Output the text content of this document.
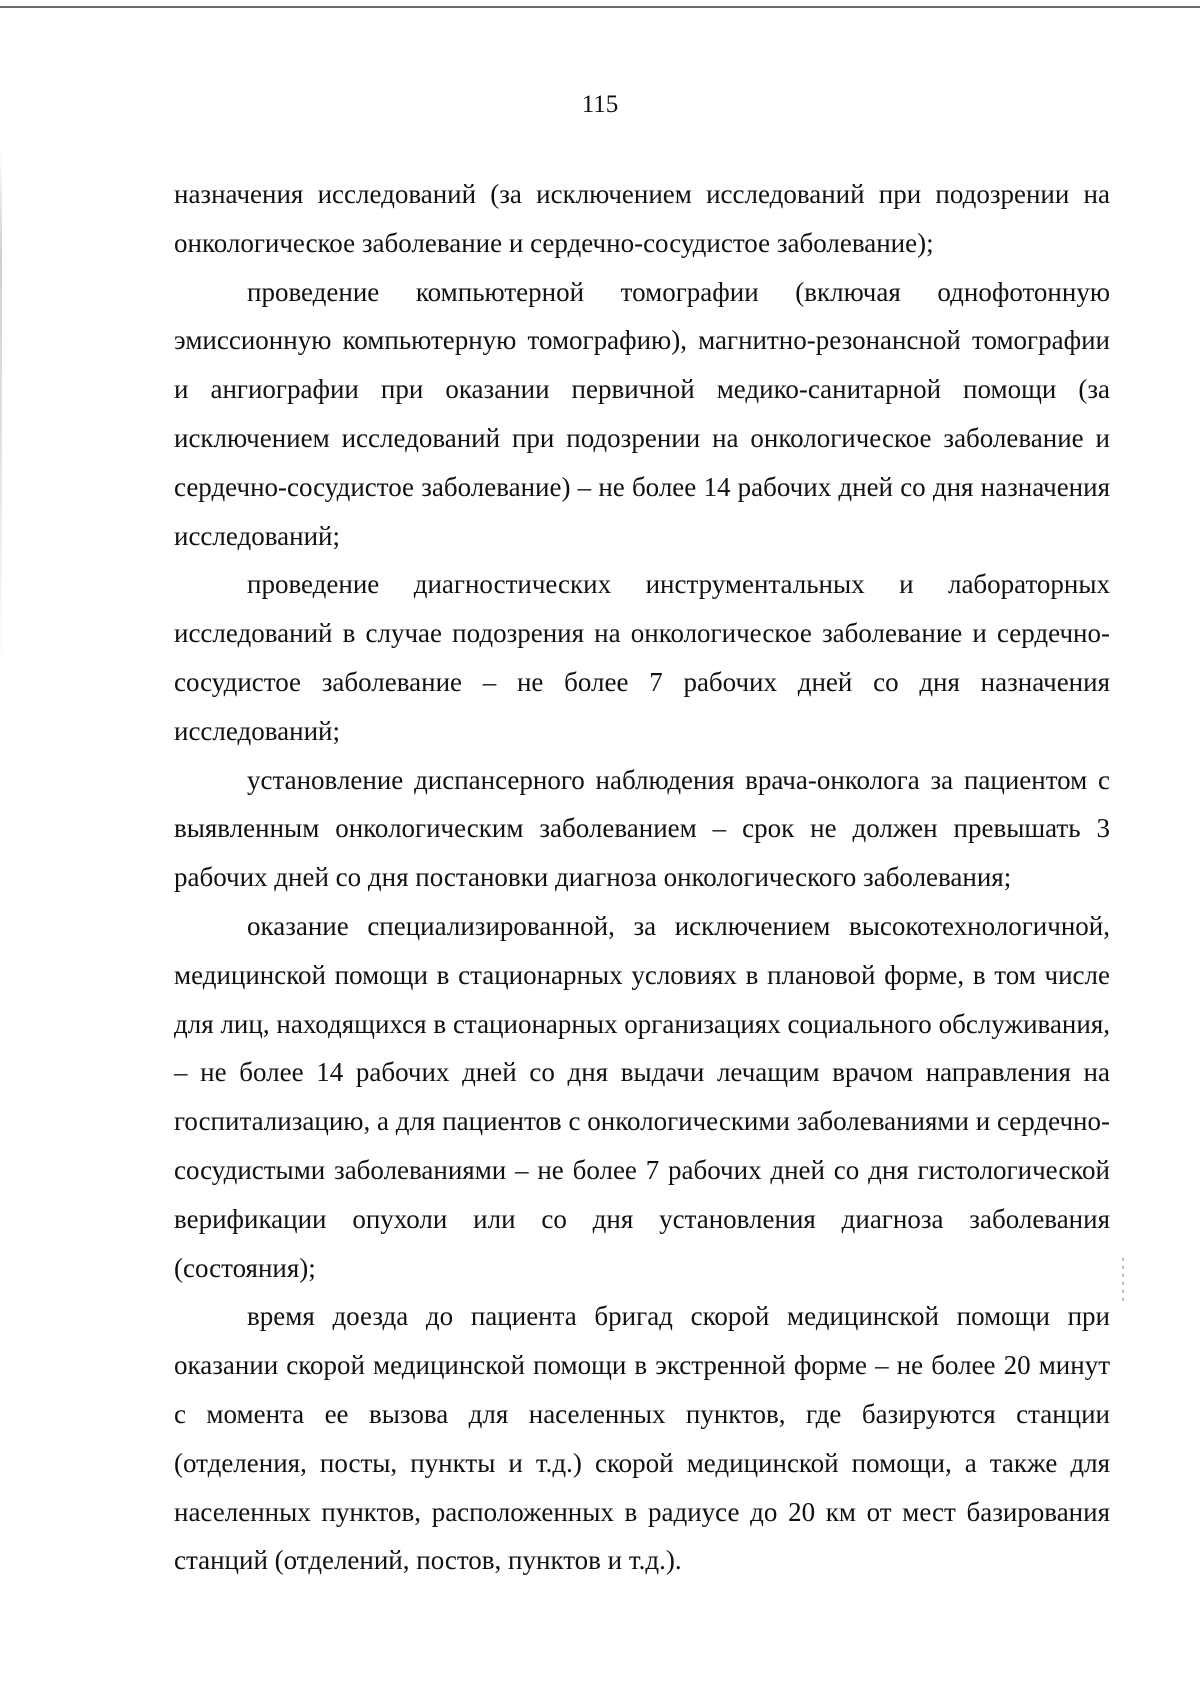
115

назначения исследований (за исключением исследований при подозрении на онкологическое заболевание и сердечно-сосудистое заболевание);

проведение компьютерной томографии (включая однофотонную эмиссионную компьютерную томографию), магнитно-резонансной томографии и ангиографии при оказании первичной медико-санитарной помощи (за исключением исследований при подозрении на онкологическое заболевание и сердечно-сосудистое заболевание) – не более 14 рабочих дней со дня назначения исследований;

проведение диагностических инструментальных и лабораторных исследований в случае подозрения на онкологическое заболевание и сердечно-сосудистое заболевание – не более 7 рабочих дней со дня назначения исследований;

установление диспансерного наблюдения врача-онколога за пациентом с выявленным онкологическим заболеванием – срок не должен превышать 3 рабочих дней со дня постановки диагноза онкологического заболевания;

оказание специализированной, за исключением высокотехнологичной, медицинской помощи в стационарных условиях в плановой форме, в том числе для лиц, находящихся в стационарных организациях социального обслуживания, – не более 14 рабочих дней со дня выдачи лечащим врачом направления на госпитализацию, а для пациентов с онкологическими заболеваниями и сердечно-сосудистыми заболеваниями – не более 7 рабочих дней со дня гистологической верификации опухоли или со дня установления диагноза заболевания (состояния);

время доезда до пациента бригад скорой медицинской помощи при оказании скорой медицинской помощи в экстренной форме – не более 20 минут с момента ее вызова для населенных пунктов, где базируются станции (отделения, посты, пункты и т.д.) скорой медицинской помощи, а также для населенных пунктов, расположенных в радиусе до 20 км от мест базирования станций (отделений, постов, пунктов и т.д.).
